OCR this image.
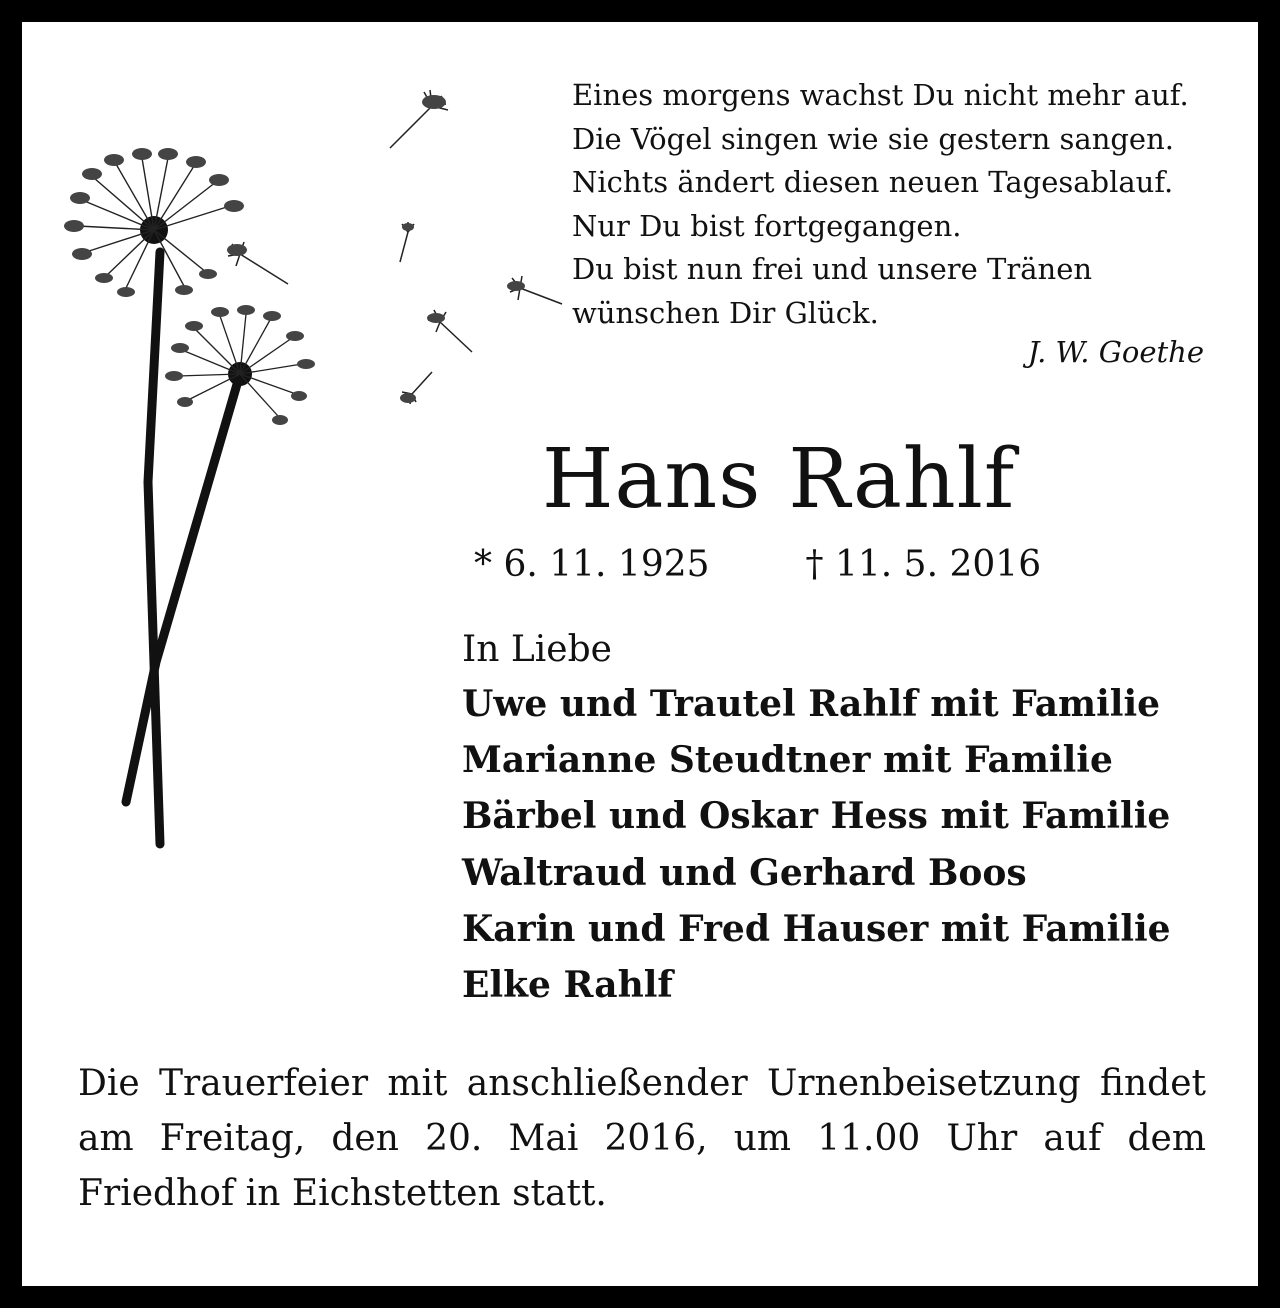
Eines morgens wachst Du nicht mehr auf.
Die Vögel singen wie sie gestern sangen.
Nichts ändert diesen neuen Tagesablauf.
Nur Du bist fortgegangen.
Du bist nun frei und unsere Tränen
wünschen Dir Glück.
J. W. Goethe
Hans Rahlf
* 6. 11. 1925	† 11. 5. 2016
In Liebe
Uwe und Trautel Rahlf mit Familie
Marianne Steudtner mit Familie
Bärbel und Oskar Hess mit Familie
Waltraud und Gerhard Boos
Karin und Fred Hauser mit Familie
Elke Rahlf
Die Trauerfeier mit anschließender Urnenbeisetzung findet am Freitag, den 20. Mai 2016, um 11.00 Uhr auf dem Friedhof in Eichstetten statt.
